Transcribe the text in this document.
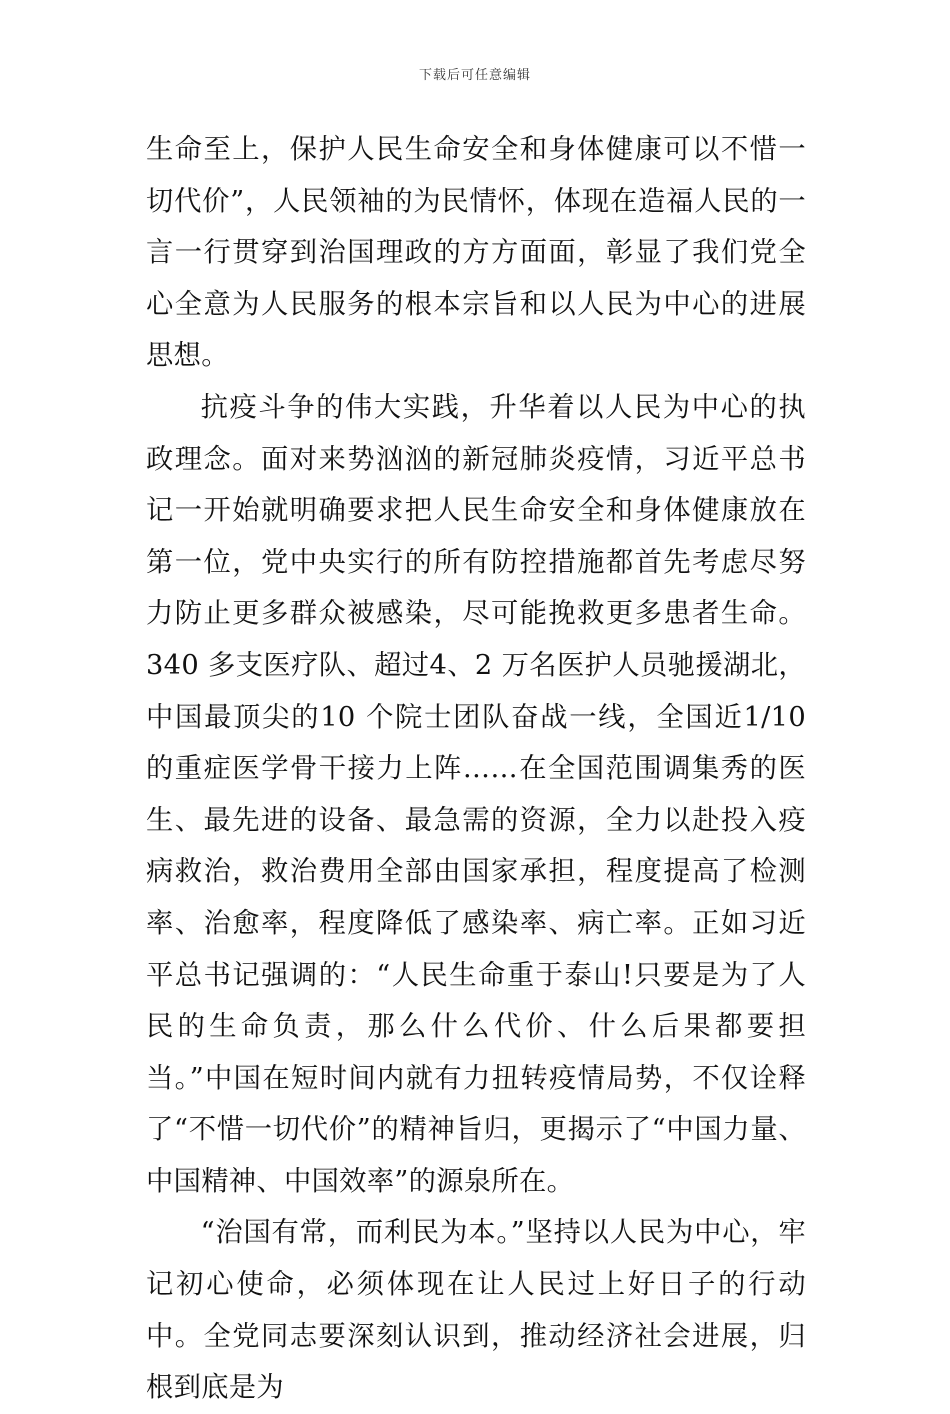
下载后可任意编辑

生命至上，保护人民生命安全和身体健康可以不惜一切代价”，人民领袖的为民情怀，体现在造福人民的一言一行贯穿到治国理政的方方面面，彰显了我们党全心全意为人民服务的根本宗旨和以人民为中心的进展思想。

抗疫斗争的伟大实践，升华着以人民为中心的执政理念。面对来势汹汹的新冠肺炎疫情，习近平总书记一开始就明确要求把人民生命安全和身体健康放在第一位，党中央实行的所有防控措施都首先考虑尽努力防止更多群众被感染，尽可能挽救更多患者生命。340 多支医疗队、超过4、2 万名医护人员驰援湖北，中国最顶尖的10 个院士团队奋战一线，全国近1/10 的重症医学骨干接力上阵……在全国范围调集秀的医生、最先进的设备、最急需的资源，全力以赴投入疫病救治，救治费用全部由国家承担，程度提高了检测率、治愈率，程度降低了感染率、病亡率。正如习近平总书记强调的：“人民生命重于泰山!只要是为了人民的生命负责，那么什么代价、什么后果都要担当。”中国在短时间内就有力扭转疫情局势，不仅诠释了“不惜一切代价”的精神旨归，更揭示了“中国力量、中国精神、中国效率”的源泉所在。

“治国有常，而利民为本。”坚持以人民为中心，牢记初心使命，必须体现在让人民过上好日子的行动中。全党同志要深刻认识到，推动经济社会进展，归根到底是为
